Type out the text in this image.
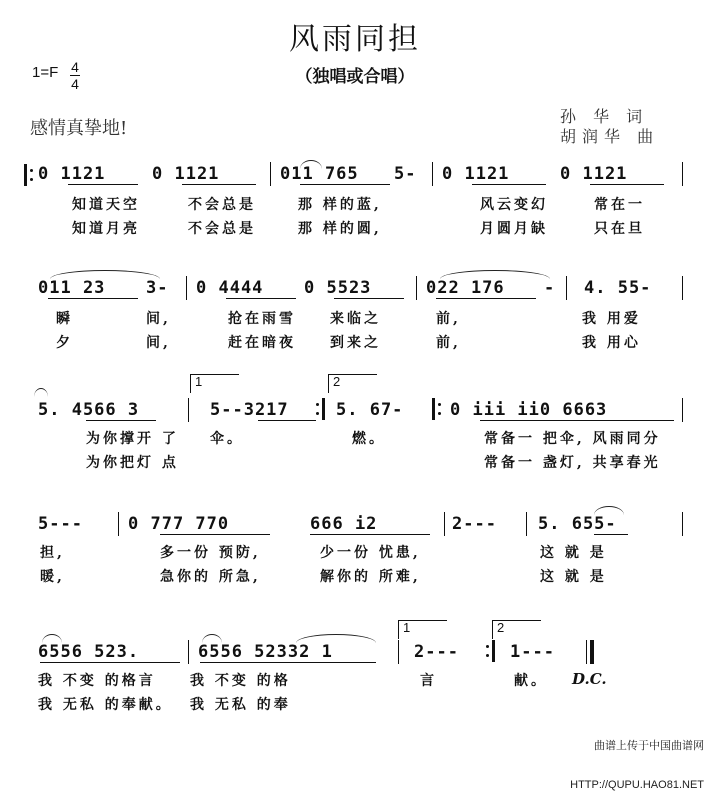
风雨同担
（独唱或合唱）
1=F 4
4
感情真挚地!
孙 华 词
胡润华 曲
0 1121	0 1121	011 765 5- 0 1121	0 1121
知道天空	不会总是	那 样的蓝,	风云变幻	常在一
知道月亮	不会总是	那 样的圆,	月圆月缺	只在旦
011 23 3- 0 4444 0 5523	022 176 - 4. 55-
瞬	间,	抢在雨雪 来临之	前,	我 用爱
夕	间,	赶在暗夜 到来之	前,	我 用心
1	2
5. 4566 3	5--3217	5. 67-	0 iii ii0 6663
为你撑开 了 伞。	燃。	常备一 把伞, 风雨同分
为你把灯 点	常备一 盏灯, 共享春光
5---	0 777 770	666 i2	2--- 5. 655-
担,	多一份 预防,	少一份 忧患,	这 就 是
暖,	急你的 所急,	解你的 所难,	这 就 是
1	2
6556 523.	6556 52332 1	2---	1---
我 不变 的格言 我 不变 的格	言	献。 D.C.
我 无私 的奉献。 我 无私 的奉

曲谱上传于中国曲谱网

HTTP://QUPU.HAO81.NET
